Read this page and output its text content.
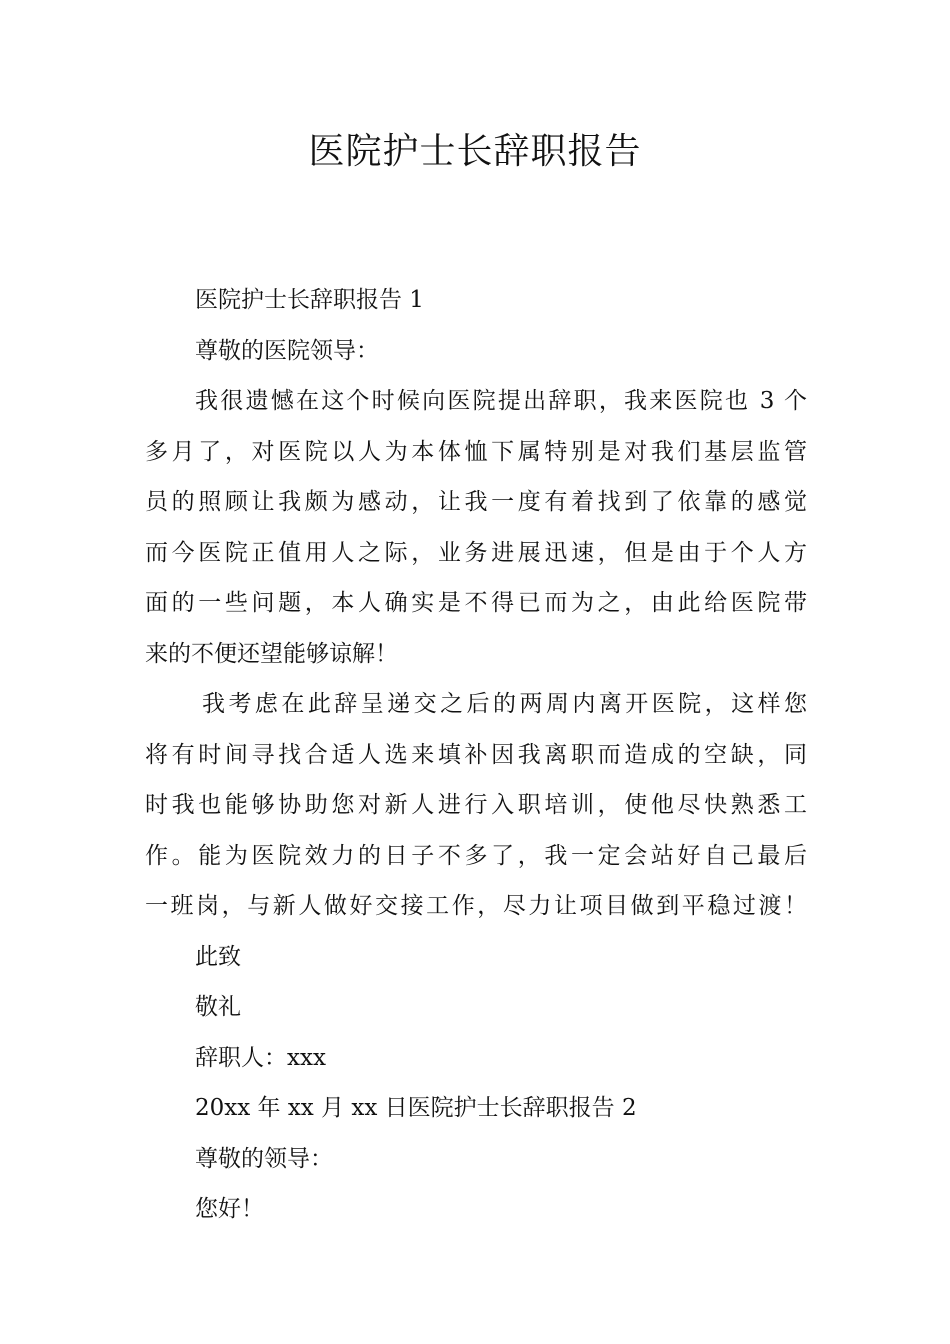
医院护士长辞职报告
医院护士长辞职报告 1
尊敬的医院领导：
我很遗憾在这个时候向医院提出辞职，我来医院也 3 个
多月了，对医院以人为本体恤下属特别是对我们基层监管
员的照顾让我颇为感动，让我一度有着找到了依靠的感觉
而今医院正值用人之际，业务进展迅速，但是由于个人方
面的一些问题，本人确实是不得已而为之，由此给医院带
来的不便还望能够谅解！
我考虑在此辞呈递交之后的两周内离开医院，这样您
将有时间寻找合适人选来填补因我离职而造成的空缺，同
时我也能够协助您对新人进行入职培训，使他尽快熟悉工
作。能为医院效力的日子不多了，我一定会站好自己最后
一班岗，与新人做好交接工作，尽力让项目做到平稳过渡！
此致
敬礼
辞职人：xxx
20xx 年 xx 月 xx 日医院护士长辞职报告 2
尊敬的领导：
您好！
